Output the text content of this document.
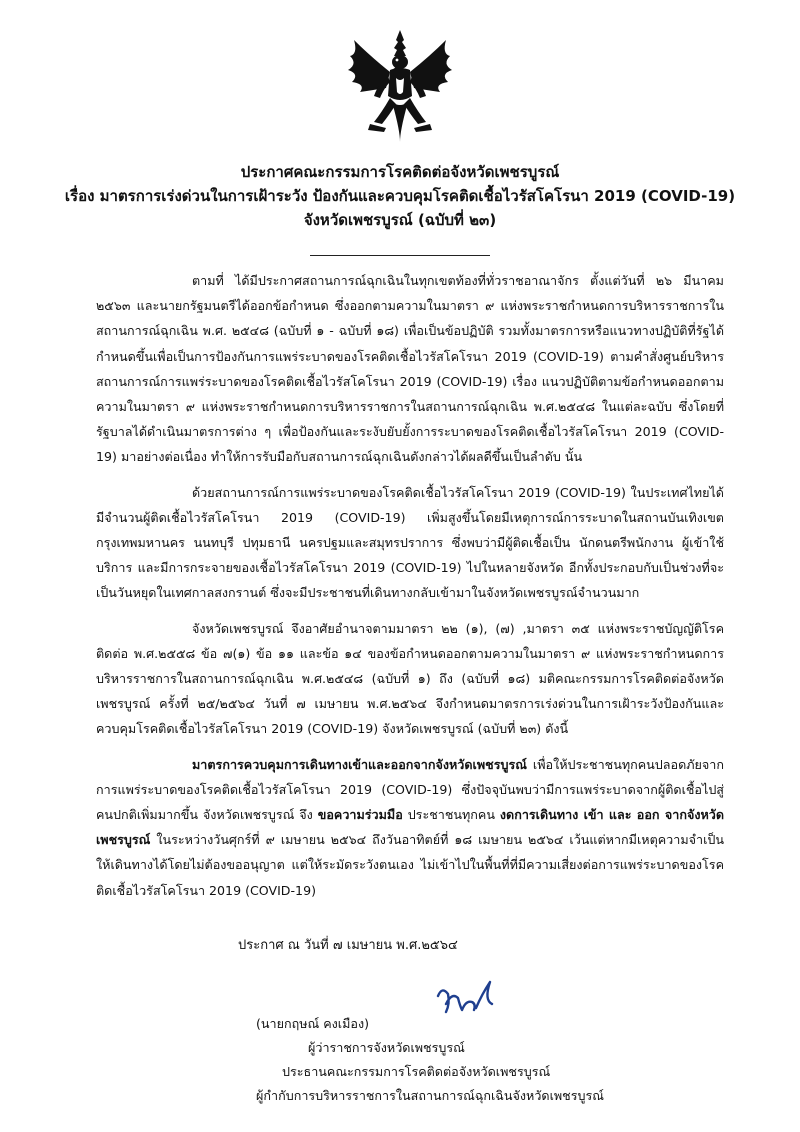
ประกาศคณะกรรมการโรคติดต่อจังหวัดเพชรบูรณ์
เรื่อง มาตรการเร่งด่วนในการเฝ้าระวัง ป้องกันและควบคุมโรคติดเชื้อไวรัสโคโรนา 2019 (COVID-19)
จังหวัดเพชรบูรณ์ (ฉบับที่ ๒๓)

ตามที่ ได้มีประกาศสถานการณ์ฉุกเฉินในทุกเขตท้องที่ทั่วราชอาณาจักร ตั้งแต่วันที่ ๒๖ มีนาคม ๒๕๖๓ และนายกรัฐมนตรีได้ออกข้อกำหนด ซึ่งออกตามความในมาตรา ๙ แห่งพระราชกำหนดการบริหารราชการในสถานการณ์ฉุกเฉิน พ.ศ. ๒๕๔๘ (ฉบับที่ ๑ - ฉบับที่ ๑๘) เพื่อเป็นข้อปฏิบัติ รวมทั้งมาตรการหรือแนวทางปฏิบัติที่รัฐได้กำหนดขึ้นเพื่อเป็นการป้องกันการแพร่ระบาดของโรคติดเชื้อไวรัสโคโรนา 2019 (COVID-19) ตามคำสั่งศูนย์บริหารสถานการณ์การแพร่ระบาดของโรคติดเชื้อไวรัสโคโรนา 2019 (COVID-19) เรื่อง แนวปฏิบัติตามข้อกำหนดออกตามความในมาตรา ๙ แห่งพระราชกำหนดการบริหารราชการในสถานการณ์ฉุกเฉิน พ.ศ.๒๕๔๘ ในแต่ละฉบับ ซึ่งโดยที่รัฐบาลได้ดำเนินมาตรการต่าง ๆ เพื่อป้องกันและระงับยับยั้งการระบาดของโรคติดเชื้อไวรัสโคโรนา 2019 (COVID-19) มาอย่างต่อเนื่อง ทำให้การรับมือกับสถานการณ์ฉุกเฉินดังกล่าวได้ผลดีขึ้นเป็นลำดับ นั้น

ด้วยสถานการณ์การแพร่ระบาดของโรคติดเชื้อไวรัสโคโรนา 2019 (COVID-19) ในประเทศไทยได้มีจำนวนผู้ติดเชื้อไวรัสโคโรนา 2019 (COVID-19) เพิ่มสูงขึ้นโดยมีเหตุการณ์การระบาดในสถานบันเทิงเขตกรุงเทพมหานคร นนทบุรี ปทุมธานี นครปฐมและสมุทรปราการ ซึ่งพบว่ามีผู้ติดเชื้อเป็น นักดนตรีพนักงาน ผู้เข้าใช้บริการ และมีการกระจายของเชื้อไวรัสโคโรนา 2019 (COVID-19) ไปในหลายจังหวัด อีกทั้งประกอบกับเป็นช่วงที่จะเป็นวันหยุดในเทศกาลสงกรานต์ ซึ่งจะมีประชาชนที่เดินทางกลับเข้ามาในจังหวัดเพชรบูรณ์จำนวนมาก

จังหวัดเพชรบูรณ์ จึงอาศัยอำนาจตามมาตรา ๒๒ (๑), (๗) ,มาตรา ๓๕ แห่งพระราชบัญญัติโรคติดต่อ พ.ศ.๒๕๕๘ ข้อ ๗(๑) ข้อ ๑๑ และข้อ ๑๔ ของข้อกำหนดออกตามความในมาตรา ๙ แห่งพระราชกำหนดการบริหารราชการในสถานการณ์ฉุกเฉิน พ.ศ.๒๕๔๘ (ฉบับที่ ๑) ถึง (ฉบับที่ ๑๘) มติคณะกรรมการโรคติดต่อจังหวัดเพชรบูรณ์ ครั้งที่ ๒๕/๒๕๖๔ วันที่ ๗ เมษายน พ.ศ.๒๕๖๔ จึงกำหนดมาตรการเร่งด่วนในการเฝ้าระวังป้องกันและควบคุมโรคติดเชื้อไวรัสโคโรนา 2019 (COVID-19) จังหวัดเพชรบูรณ์ (ฉบับที่ ๒๓) ดังนี้

มาตรการควบคุมการเดินทางเข้าและออกจากจังหวัดเพชรบูรณ์ เพื่อให้ประชาชนทุกคนปลอดภัยจากการแพร่ระบาดของโรคติดเชื้อไวรัสโคโรนา 2019 (COVID-19) ซึ่งปัจจุบันพบว่ามีการแพร่ระบาดจากผู้ติดเชื้อไปสู่คนปกติเพิ่มมากขึ้น จังหวัดเพชรบูรณ์ จึง ขอความร่วมมือ ประชาชนทุกคน งดการเดินทาง เข้า และ ออก จากจังหวัดเพชรบูรณ์ ในระหว่างวันศุกร์ที่ ๙ เมษายน ๒๕๖๔ ถึงวันอาทิตย์ที่ ๑๘ เมษายน ๒๕๖๔ เว้นแต่หากมีเหตุความจำเป็น ให้เดินทางได้โดยไม่ต้องขออนุญาต แต่ให้ระมัดระวังตนเอง ไม่เข้าไปในพื้นที่ที่มีความเสี่ยงต่อการแพร่ระบาดของโรคติดเชื้อไวรัสโคโรนา 2019 (COVID-19)

ประกาศ ณ วันที่ ๗ เมษายน พ.ศ.๒๕๖๔
(นายกฤษณ์ คงเมือง)
ผู้ว่าราชการจังหวัดเพชรบูรณ์
ประธานคณะกรรมการโรคติดต่อจังหวัดเพชรบูรณ์
ผู้กำกับการบริหารราชการในสถานการณ์ฉุกเฉินจังหวัดเพชรบูรณ์
